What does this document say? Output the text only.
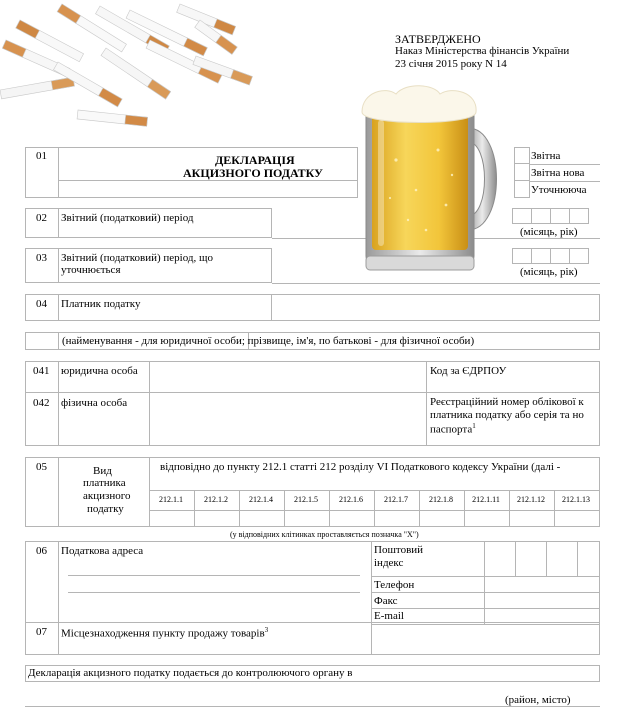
ЗАТВЕРДЖЕНО
Наказ Міністерства фінансів України
23 січня 2015 року N 14
01	ДЕКЛАРАЦІЯ
АКЦИЗНОГО ПОДАТКУ
Звітна
Звітна нова
Уточнююча
02 Звітний (податковий) період
(місяць, рік)
03 Звітний (податковий) період, що
уточнюється	(місяць, рік)
04 Платник податку
(найменування - для юридичної особи; прізвище, ім'я, по батькові - для фізичної особи)
041 юридична особа	Код за ЄДРПОУ
042 фізична особа	Реєстраційний номер облікової к
платника податку або серія та но
паспорта$^1$
05	Вид
платника
акцизного
податку
відповідно до пункту 212.1 статті 212 розділу VI Податкового кодексу України (далі -
212.1.1	212.1.2	212.1.4	212.1.5	212.1.6	212.1.7	212.1.8	212.1.11	212.1.12	212.1.13
(у відповідних клітинках проставляється позначка "Х")
06 Податкова адреса	Поштовий
індекс
Телефон
Факс
E-mail
07 Місцезнаходження пункту продажу товарів$^3$
Декларація акцизного податку подається до контролюючого органу в
(район, місто)
